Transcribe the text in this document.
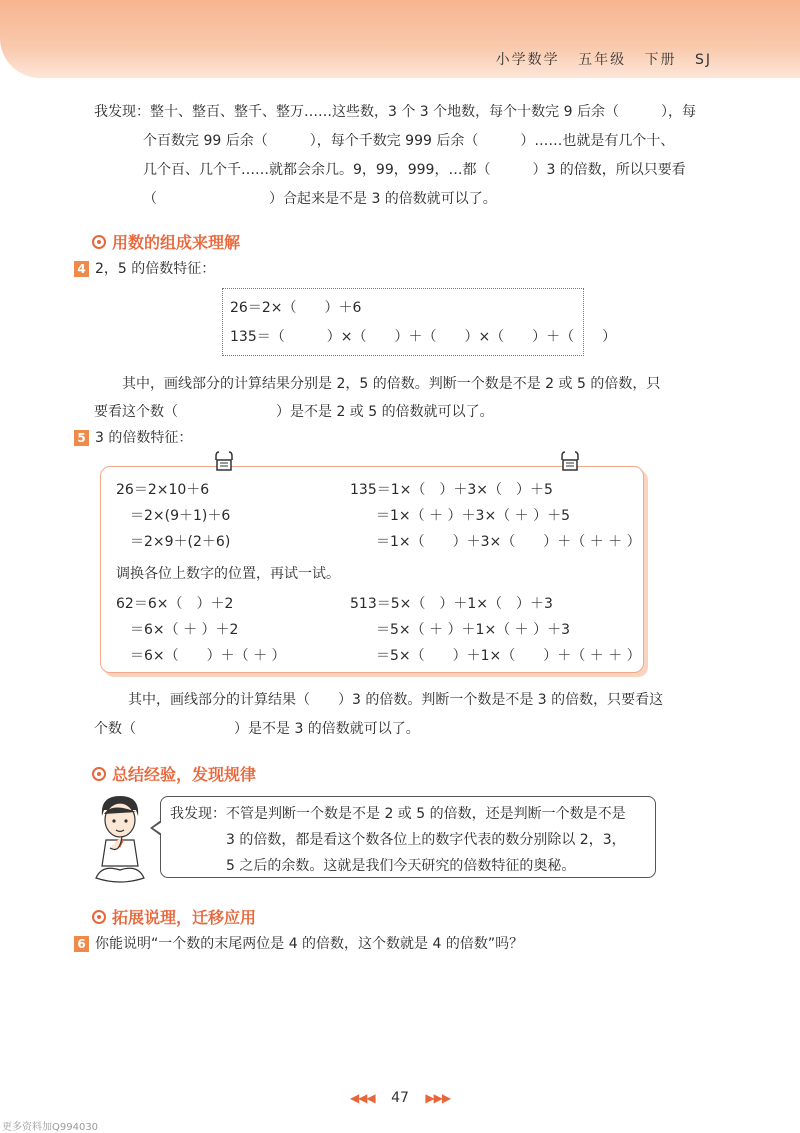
小学数学 五年级 下册 SJ
我发现：整十、整百、整千、整万……这些数，3 个 3 个地数，每个十数完 9 后余（　　　），每
个百数完 99 后余（　　　），每个千数完 999 后余（　　　）……也就是有几个十、
几个百、几个千……就都会余几。9，99，999，…都（　　　）3 的倍数，所以只要看
（　　　　　　　　）合起来是不是 3 的倍数就可以了。
用数的组成来理解
4 2，5 的倍数特征：
26＝2×（　　）＋6
135＝（　　　）×（　　）＋（　　）×（　　）＋（　　）
其中，画线部分的计算结果分别是 2，5 的倍数。判断一个数是不是 2 或 5 的倍数，只
要看这个数（　　　　　　　）是不是 2 或 5 的倍数就可以了。
5 3 的倍数特征：
26＝2×10＋6
＝2×(9＋1)＋6
＝2×9＋(2＋6)
135＝1×（　）＋3×（　）＋5
＝1×（ ＋ ）＋3×（ ＋ ）＋5
＝1×（　　）＋3×（　　）＋（ ＋ ＋ ）
调换各位上数字的位置，再试一试。
62＝6×（　）＋2
＝6×（ ＋ ）＋2
＝6×（　　）＋（ ＋ ）
513＝5×（　）＋1×（　）＋3
＝5×（ ＋ ）＋1×（ ＋ ）＋3
＝5×（　　）＋1×（　　）＋（ ＋ ＋ ）
其中，画线部分的计算结果（　　）3 的倍数。判断一个数是不是 3 的倍数，只要看这
个数（　　　　　　　）是不是 3 的倍数就可以了。
总结经验，发现规律
我发现：不管是判断一个数是不是 2 或 5 的倍数，还是判断一个数是不是
3 的倍数，都是看这个数各位上的数字代表的数分别除以 2，3，
5 之后的余数。这就是我们今天研究的倍数特征的奥秘。
拓展说理，迁移应用
6 你能说明“一个数的末尾两位是 4 的倍数，这个数就是 4 的倍数”吗？
◀◀◀ 47 ▶▶▶
更多资料加Q994030
